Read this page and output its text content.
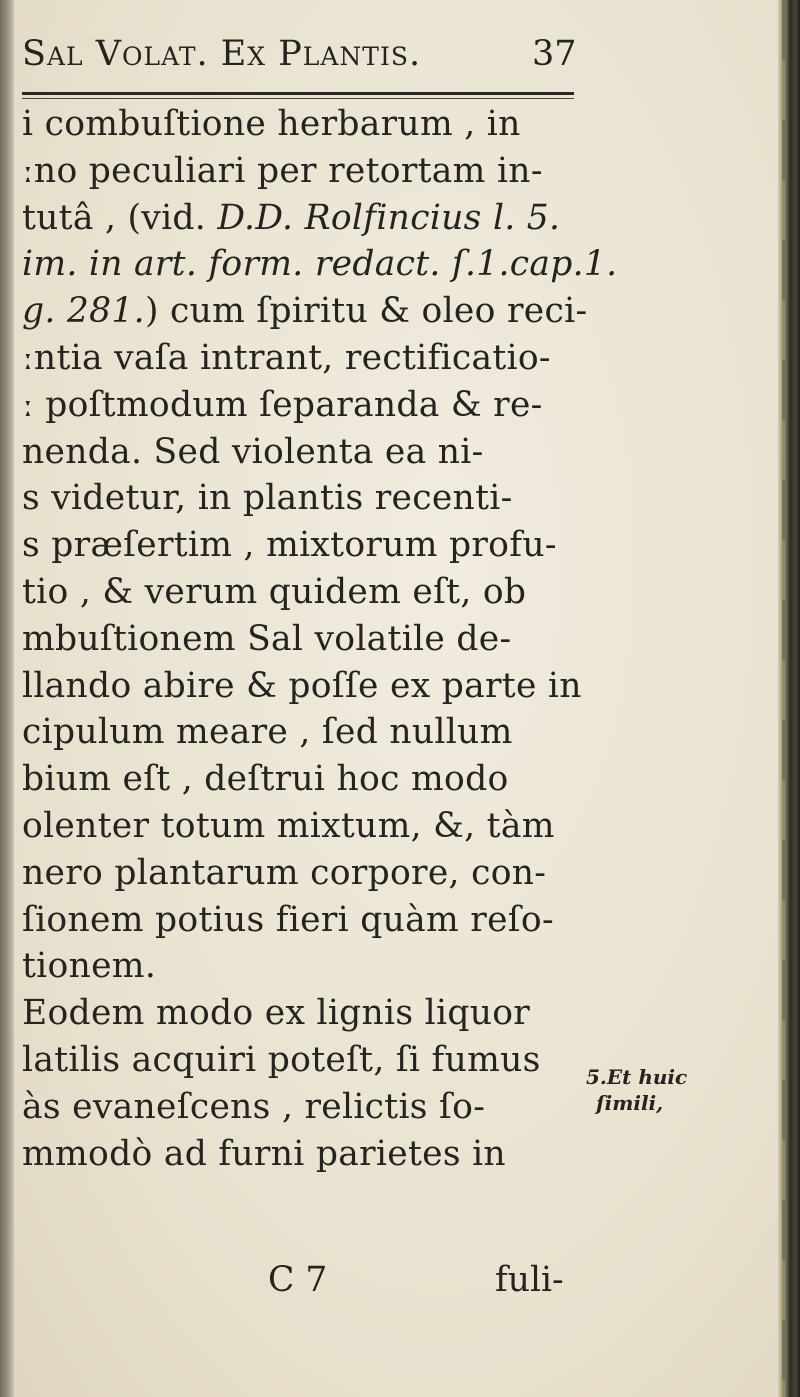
Sal Volat. Ex Plantis.	37
i combuſtione herbarum , in
ːno peculiari per retortam in-
tutâ , (vid. D.D. Rolfincius l. 5.
im. in art. form. redact. ſ.1.cap.1.
g. 281.) cum ſpiritu & oleo reci-
ːntia vaſa intrant, rectificatio-
ː poſtmodum ſeparanda & re-
nenda. Sed violenta ea ni-
s videtur, in plantis recenti-
s præſertim , mixtorum profu-
tio , & verum quidem eſt, ob
mbuſtionem Sal volatile de-
llando abire & poſſe ex parte in
cipulum meare , ſed nullum
bium eſt , deſtrui hoc modo
olenter totum mixtum, &, tàm
nero plantarum corpore, con-
ſionem potius fieri quàm reſo-
tionem.
Eodem modo ex lignis liquor
latilis acquiri poteſt, ſi fumus
às evaneſcens , relictis ſo-
mmodò ad furni parietes in
5.Et huic
ſimili,
C 7	fuli-
